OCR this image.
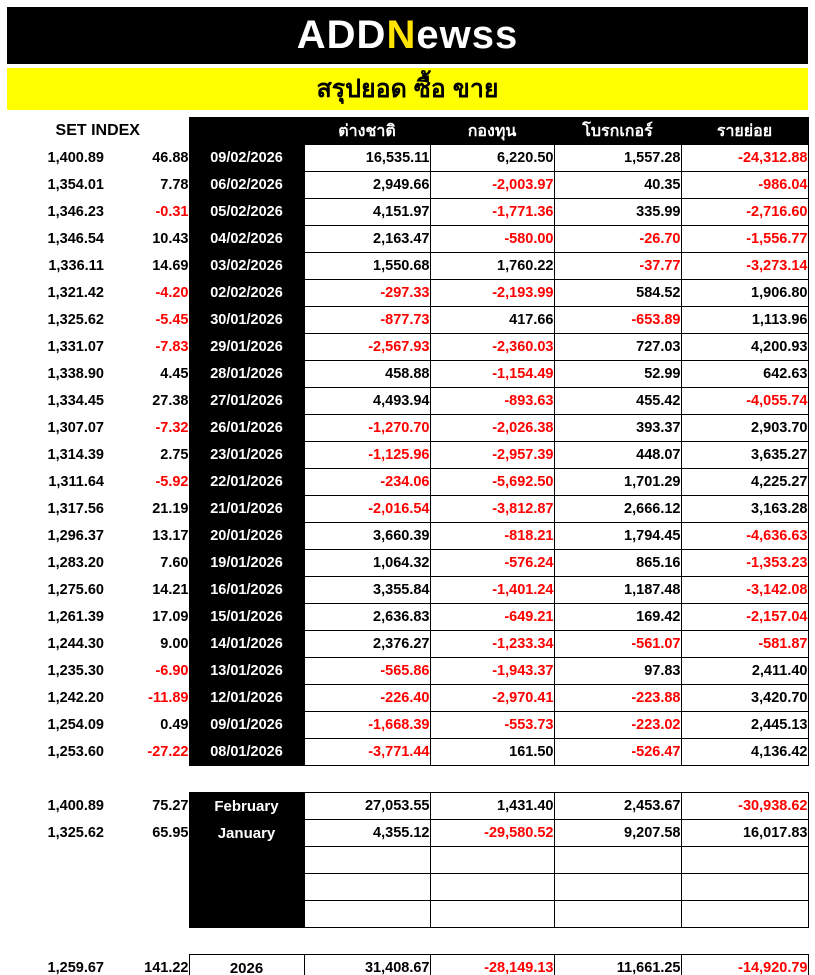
ADDNewss
สรุปยอด ซื้อ ขาย
SET INDEX			ต่างชาติ	กองทุน	โบรกเกอร์	รายย่อย
1,400.89	46.88	09/02/2026	16,535.11	6,220.50	1,557.28	-24,312.88
1,354.01	7.78	06/02/2026	2,949.66	-2,003.97	40.35	-986.04
1,346.23	-0.31	05/02/2026	4,151.97	-1,771.36	335.99	-2,716.60
1,346.54	10.43	04/02/2026	2,163.47	-580.00	-26.70	-1,556.77
1,336.11	14.69	03/02/2026	1,550.68	1,760.22	-37.77	-3,273.14
1,321.42	-4.20	02/02/2026	-297.33	-2,193.99	584.52	1,906.80
1,325.62	-5.45	30/01/2026	-877.73	417.66	-653.89	1,113.96
1,331.07	-7.83	29/01/2026	-2,567.93	-2,360.03	727.03	4,200.93
1,338.90	4.45	28/01/2026	458.88	-1,154.49	52.99	642.63
1,334.45	27.38	27/01/2026	4,493.94	-893.63	455.42	-4,055.74
1,307.07	-7.32	26/01/2026	-1,270.70	-2,026.38	393.37	2,903.70
1,314.39	2.75	23/01/2026	-1,125.96	-2,957.39	448.07	3,635.27
1,311.64	-5.92	22/01/2026	-234.06	-5,692.50	1,701.29	4,225.27
1,317.56	21.19	21/01/2026	-2,016.54	-3,812.87	2,666.12	3,163.28
1,296.37	13.17	20/01/2026	3,660.39	-818.21	1,794.45	-4,636.63
1,283.20	7.60	19/01/2026	1,064.32	-576.24	865.16	-1,353.23
1,275.60	14.21	16/01/2026	3,355.84	-1,401.24	1,187.48	-3,142.08
1,261.39	17.09	15/01/2026	2,636.83	-649.21	169.42	-2,157.04
1,244.30	9.00	14/01/2026	2,376.27	-1,233.34	-561.07	-581.87
1,235.30	-6.90	13/01/2026	-565.86	-1,943.37	97.83	2,411.40
1,242.20	-11.89	12/01/2026	-226.40	-2,970.41	-223.88	3,420.70
1,254.09	0.49	09/01/2026	-1,668.39	-553.73	-223.02	2,445.13
1,253.60	-27.22	08/01/2026	-3,771.44	161.50	-526.47	4,136.42

1,400.89	75.27	February	27,053.55	1,431.40	2,453.67	-30,938.62
1,325.62	65.95	January	4,355.12	-29,580.52	9,207.58	16,017.83

1,259.67	141.22	2026	31,408.67	-28,149.13	11,661.25	-14,920.79
